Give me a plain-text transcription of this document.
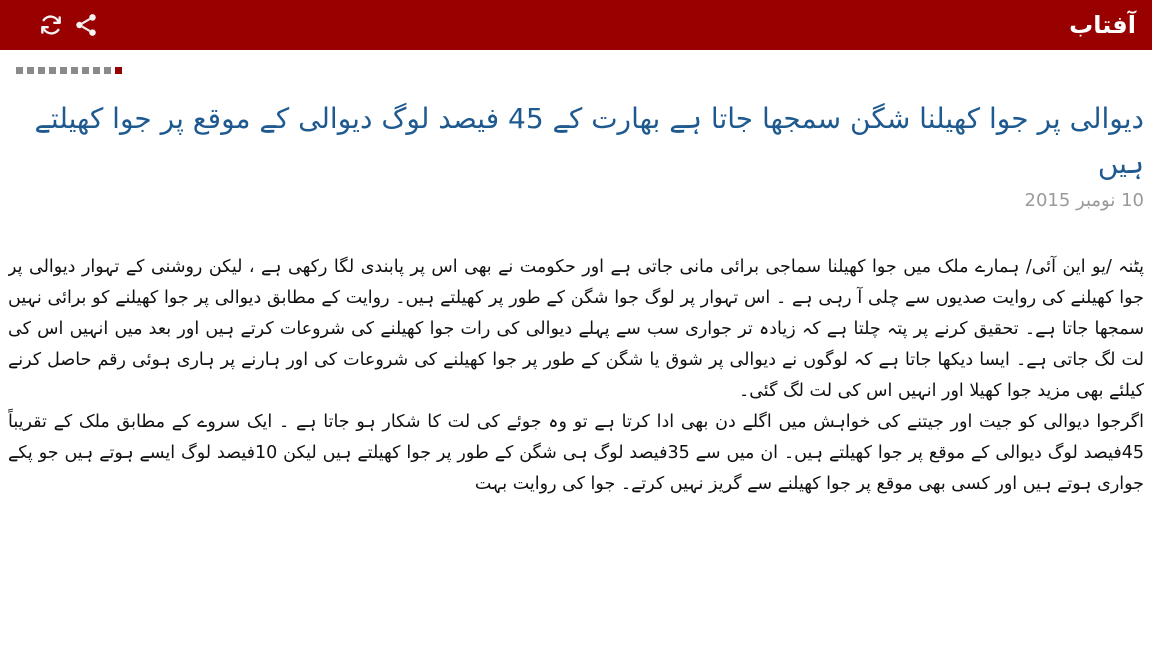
آفتاب
دیوالی پر جوا کھیلنا شگن سمجھا جاتا ہے بھارت کے 45 فیصد لوگ دیوالی کے موقع پر جوا کھیلتے ہیں
10 نومبر 2015

پٹنہ /یو این آئی/ ہمارے ملک میں جوا کھیلنا سماجی برائی مانی جاتی ہے اور حکومت نے بھی اس پر پابندی لگا رکھی ہے ، لیکن روشنی کے تہوار دیوالی پر جوا کھیلنے کی روایت صدیوں سے چلی آ رہی ہے ۔ اس تہوار پر لوگ جوا شگن کے طور پر کھیلتے ہیں۔ روایت کے مطابق دیوالی پر جوا کھیلنے کو برائی نہیں سمجھا جاتا ہے۔ تحقیق کرنے پر پتہ چلتا ہے کہ زیادہ تر جواری سب سے پہلے دیوالی کی رات جوا کھیلنے کی شروعات کرتے ہیں اور بعد میں انہیں اس کی لت لگ جاتی ہے۔ ایسا دیکھا جاتا ہے کہ لوگوں نے دیوالی پر شوق یا شگن کے طور پر جوا کھیلنے کی شروعات کی اور ہارنے پر ہاری ہوئی رقم حاصل کرنے کیلئے بھی مزید جوا کھیلا اور انہیں اس کی لت لگ گئی۔

اگرجوا دیوالی کو جیت اور جیتنے کی خواہش میں اگلے دن بھی ادا کرتا ہے تو وہ جوئے کی لت کا شکار ہو جاتا ہے ۔ ایک سروے کے مطابق ملک کے تقریباً 45فیصد لوگ دیوالی کے موقع پر جوا کھیلتے ہیں۔ ان میں سے 35فیصد لوگ ہی شگن کے طور پر جوا کھیلتے ہیں لیکن 10فیصد لوگ ایسے ہوتے ہیں جو پکے جواری ہوتے ہیں اور کسی بھی موقع پر جوا کھیلنے سے گریز نہیں کرتے۔ جوا کی روایت بہت
